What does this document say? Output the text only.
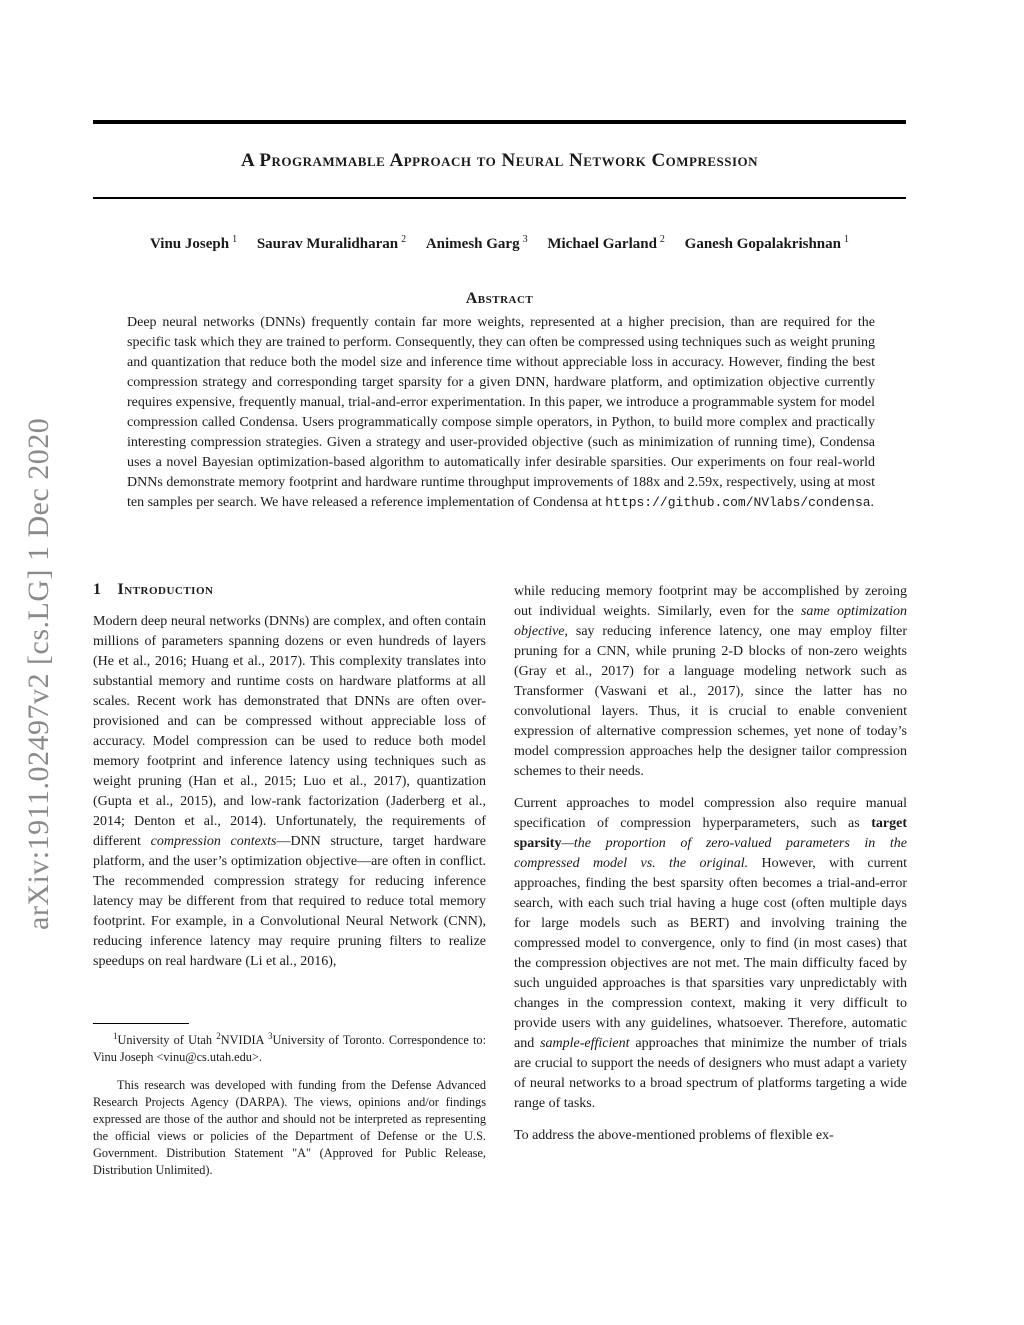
arXiv:1911.02497v2 [cs.LG] 1 Dec 2020
A Programmable Approach to Neural Network Compression
Vinu Joseph $^1$ Saurav Muralidharan $^2$ Animesh Garg $^3$ Michael Garland $^2$ Ganesh Gopalakrishnan $^1$
Abstract
Deep neural networks (DNNs) frequently contain far more weights, represented at a higher precision, than are required for the specific task which they are trained to perform. Consequently, they can often be compressed using techniques such as weight pruning and quantization that reduce both the model size and inference time without appreciable loss in accuracy. However, finding the best compression strategy and corresponding target sparsity for a given DNN, hardware platform, and optimization objective currently requires expensive, frequently manual, trial-and-error experimentation. In this paper, we introduce a programmable system for model compression called Condensa. Users programmatically compose simple operators, in Python, to build more complex and practically interesting compression strategies. Given a strategy and user-provided objective (such as minimization of running time), Condensa uses a novel Bayesian optimization-based algorithm to automatically infer desirable sparsities. Our experiments on four real-world DNNs demonstrate memory footprint and hardware runtime throughput improvements of 188x and 2.59x, respectively, using at most ten samples per search. We have released a reference implementation of Condensa at https://github.com/NVlabs/condensa.
1 Introduction

Modern deep neural networks (DNNs) are complex, and often contain millions of parameters spanning dozens or even hundreds of layers (He et al., 2016; Huang et al., 2017). This complexity translates into substantial memory and runtime costs on hardware platforms at all scales. Recent work has demonstrated that DNNs are often over-provisioned and can be compressed without appreciable loss of accuracy. Model compression can be used to reduce both model memory footprint and inference latency using techniques such as weight pruning (Han et al., 2015; Luo et al., 2017), quantization (Gupta et al., 2015), and low-rank factorization (Jaderberg et al., 2014; Denton et al., 2014). Unfortunately, the requirements of different compression contexts—DNN structure, target hardware platform, and the user’s optimization objective—are often in conflict. The recommended compression strategy for reducing inference latency may be different from that required to reduce total memory footprint. For example, in a Convolutional Neural Network (CNN), reducing inference latency may require pruning filters to realize speedups on real hardware (Li et al., 2016),

while reducing memory footprint may be accomplished by zeroing out individual weights. Similarly, even for the same optimization objective, say reducing inference latency, one may employ filter pruning for a CNN, while pruning 2-D blocks of non-zero weights (Gray et al., 2017) for a language modeling network such as Transformer (Vaswani et al., 2017), since the latter has no convolutional layers. Thus, it is crucial to enable convenient expression of alternative compression schemes, yet none of today’s model compression approaches help the designer tailor compression schemes to their needs.

Current approaches to model compression also require manual specification of compression hyperparameters, such as target sparsity—the proportion of zero-valued parameters in the compressed model vs. the original. However, with current approaches, finding the best sparsity often becomes a trial-and-error search, with each such trial having a huge cost (often multiple days for large models such as BERT) and involving training the compressed model to convergence, only to find (in most cases) that the compression objectives are not met. The main difficulty faced by such unguided approaches is that sparsities vary unpredictably with changes in the compression context, making it very difficult to provide users with any guidelines, whatsoever. Therefore, automatic and sample-efficient approaches that minimize the number of trials are crucial to support the needs of designers who must adapt a variety of neural networks to a broad spectrum of platforms targeting a wide range of tasks.

To address the above-mentioned problems of flexible ex-

$^1$University of Utah $^2$NVIDIA $^3$University of Toronto. Correspondence to: Vinu Joseph <vinu@cs.utah.edu>.
This research was developed with funding from the Defense Advanced Research Projects Agency (DARPA). The views, opinions and/or findings expressed are those of the author and should not be interpreted as representing the official views or policies of the Department of Defense or the U.S. Government. Distribution Statement "A" (Approved for Public Release, Distribution Unlimited).
